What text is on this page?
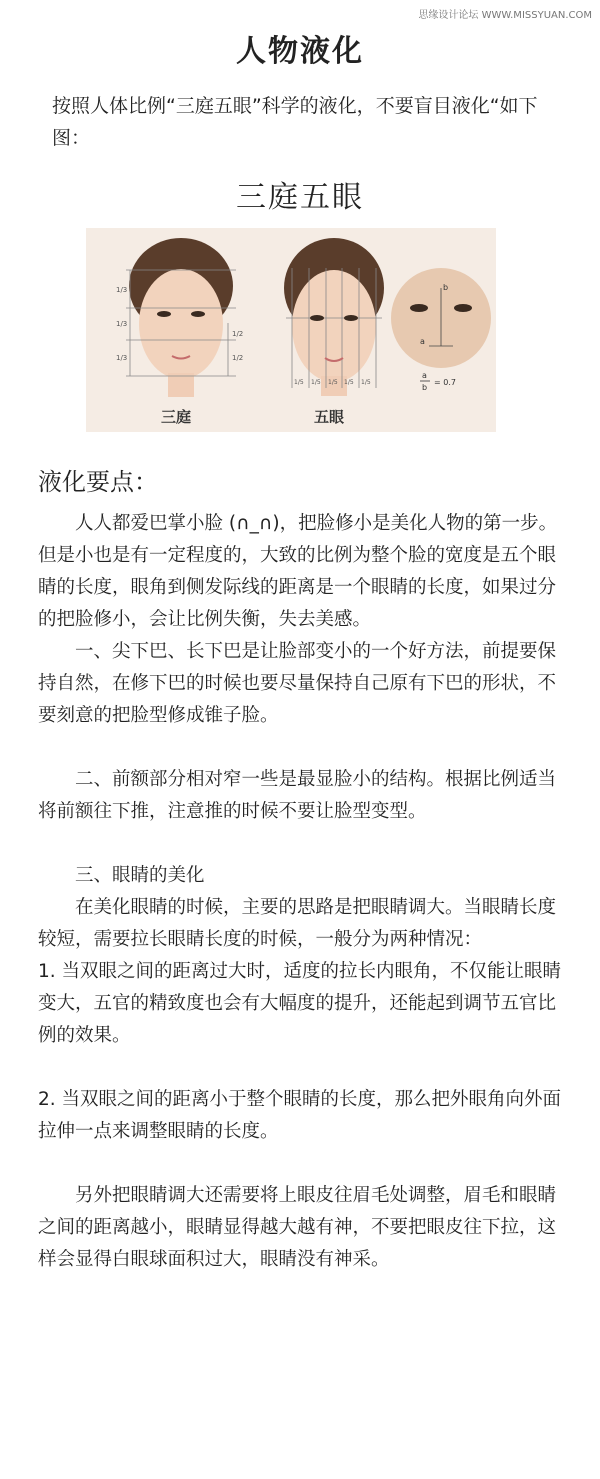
思缘设计论坛 WWW.MISSYUAN.COM
人物液化
按照人体比例“三庭五眼”科学的液化，不要盲目液化“如下图：
三庭五眼
1/3
1/3
1/3
1/2
1/2
三庭
1/5 1/5 1/5 1/5 1/5
五眼
b
a
a
b
= 0.7
液化要点：

人人都爱巴掌小脸 (∩_∩)，把脸修小是美化人物的第一步。但是小也是有一定程度的，大致的比例为整个脸的宽度是五个眼睛的长度，眼角到侧发际线的距离是一个眼睛的长度，如果过分的把脸修小，会让比例失衡，失去美感。

一、尖下巴、长下巴是让脸部变小的一个好方法，前提要保持自然，在修下巴的时候也要尽量保持自己原有下巴的形状，不要刻意的把脸型修成锥子脸。

二、前额部分相对窄一些是最显脸小的结构。根据比例适当将前额往下推，注意推的时候不要让脸型变型。

三、眼睛的美化

在美化眼睛的时候，主要的思路是把眼睛调大。当眼睛长度较短，需要拉长眼睛长度的时候，一般分为两种情况：

1. 当双眼之间的距离过大时，适度的拉长内眼角，不仅能让眼睛变大，五官的精致度也会有大幅度的提升，还能起到调节五官比例的效果。

2. 当双眼之间的距离小于整个眼睛的长度，那么把外眼角向外面拉伸一点来调整眼睛的长度。

另外把眼睛调大还需要将上眼皮往眉毛处调整，眉毛和眼睛之间的距离越小，眼睛显得越大越有神，不要把眼皮往下拉，这样会显得白眼球面积过大，眼睛没有神采。
